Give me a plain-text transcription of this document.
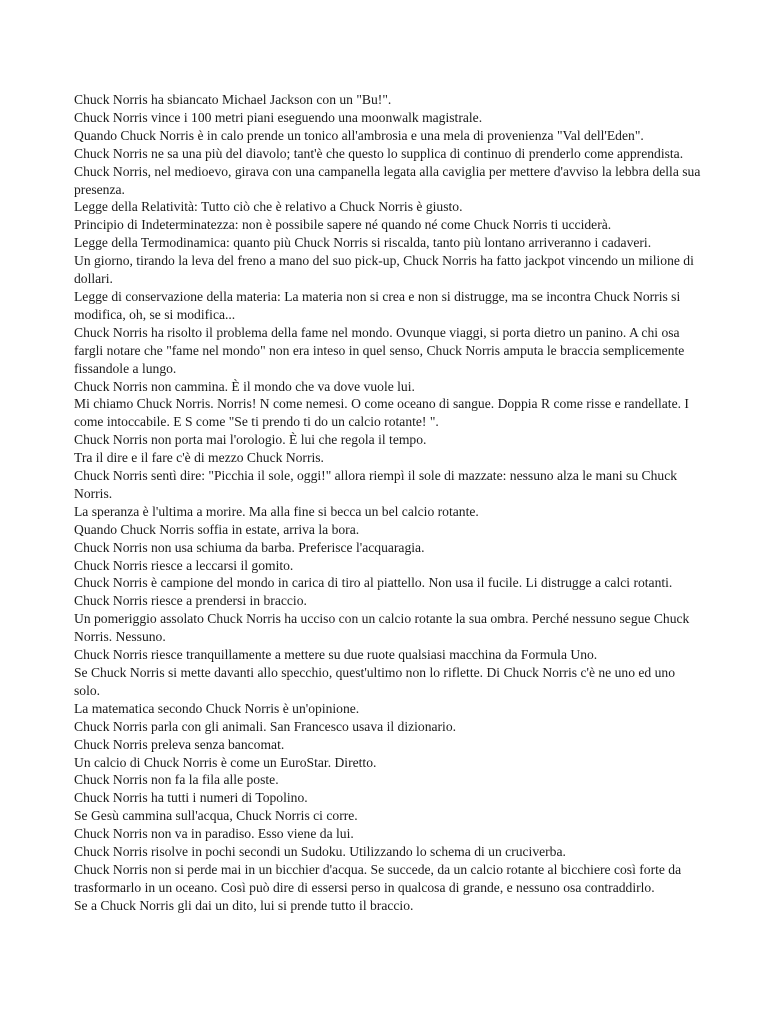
Chuck Norris ha sbiancato Michael Jackson con un "Bu!".
Chuck Norris vince i 100 metri piani eseguendo una moonwalk magistrale.
Quando Chuck Norris è in calo prende un tonico all'ambrosia e una mela di provenienza "Val dell'Eden".
Chuck Norris ne sa una più del diavolo; tant'è che questo lo supplica di continuo di prenderlo come apprendista.
Chuck Norris, nel medioevo, girava con una campanella legata alla caviglia per mettere d'avviso la lebbra della sua presenza.
Legge della Relatività: Tutto ciò che è relativo a Chuck Norris è giusto.
Principio di Indeterminatezza: non è possibile sapere né quando né come Chuck Norris ti ucciderà.
Legge della Termodinamica: quanto più Chuck Norris si riscalda, tanto più lontano arriveranno i cadaveri.
Un giorno, tirando la leva del freno a mano del suo pick-up, Chuck Norris ha fatto jackpot vincendo un milione di dollari.
Legge di conservazione della materia: La materia non si crea e non si distrugge, ma se incontra Chuck Norris si modifica, oh, se si modifica...
Chuck Norris ha risolto il problema della fame nel mondo. Ovunque viaggi, si porta dietro un panino. A chi osa fargli notare che "fame nel mondo" non era inteso in quel senso, Chuck Norris amputa le braccia semplicemente fissandole a lungo.
Chuck Norris non cammina. È il mondo che va dove vuole lui.
Mi chiamo Chuck Norris. Norris! N come nemesi. O come oceano di sangue. Doppia R come risse e randellate. I come intoccabile. E S come "Se ti prendo ti do un calcio rotante! ".
Chuck Norris non porta mai l'orologio. È lui che regola il tempo.
Tra il dire e il fare c'è di mezzo Chuck Norris.
Chuck Norris sentì dire: "Picchia il sole, oggi!" allora riempì il sole di mazzate: nessuno alza le mani su Chuck Norris.
La speranza è l'ultima a morire. Ma alla fine si becca un bel calcio rotante.
Quando Chuck Norris soffia in estate, arriva la bora.
Chuck Norris non usa schiuma da barba. Preferisce l'acquaragia.
Chuck Norris riesce a leccarsi il gomito.
Chuck Norris è campione del mondo in carica di tiro al piattello. Non usa il fucile. Li distrugge a calci rotanti.
Chuck Norris riesce a prendersi in braccio.
Un pomeriggio assolato Chuck Norris ha ucciso con un calcio rotante la sua ombra. Perché nessuno segue Chuck Norris. Nessuno.
Chuck Norris riesce tranquillamente a mettere su due ruote qualsiasi macchina da Formula Uno.
Se Chuck Norris si mette davanti allo specchio, quest'ultimo non lo riflette. Di Chuck Norris c'è ne uno ed uno solo.
La matematica secondo Chuck Norris è un'opinione.
Chuck Norris parla con gli animali. San Francesco usava il dizionario.
Chuck Norris preleva senza bancomat.
Un calcio di Chuck Norris è come un EuroStar. Diretto.
Chuck Norris non fa la fila alle poste.
Chuck Norris ha tutti i numeri di Topolino.
Se Gesù cammina sull'acqua, Chuck Norris ci corre.
Chuck Norris non va in paradiso. Esso viene da lui.
Chuck Norris risolve in pochi secondi un Sudoku. Utilizzando lo schema di un cruciverba.
Chuck Norris non si perde mai in un bicchier d'acqua. Se succede, da un calcio rotante al bicchiere così forte da trasformarlo in un oceano. Così può dire di essersi perso in qualcosa di grande, e nessuno osa contraddirlo.
Se a Chuck Norris gli dai un dito, lui si prende tutto il braccio.
